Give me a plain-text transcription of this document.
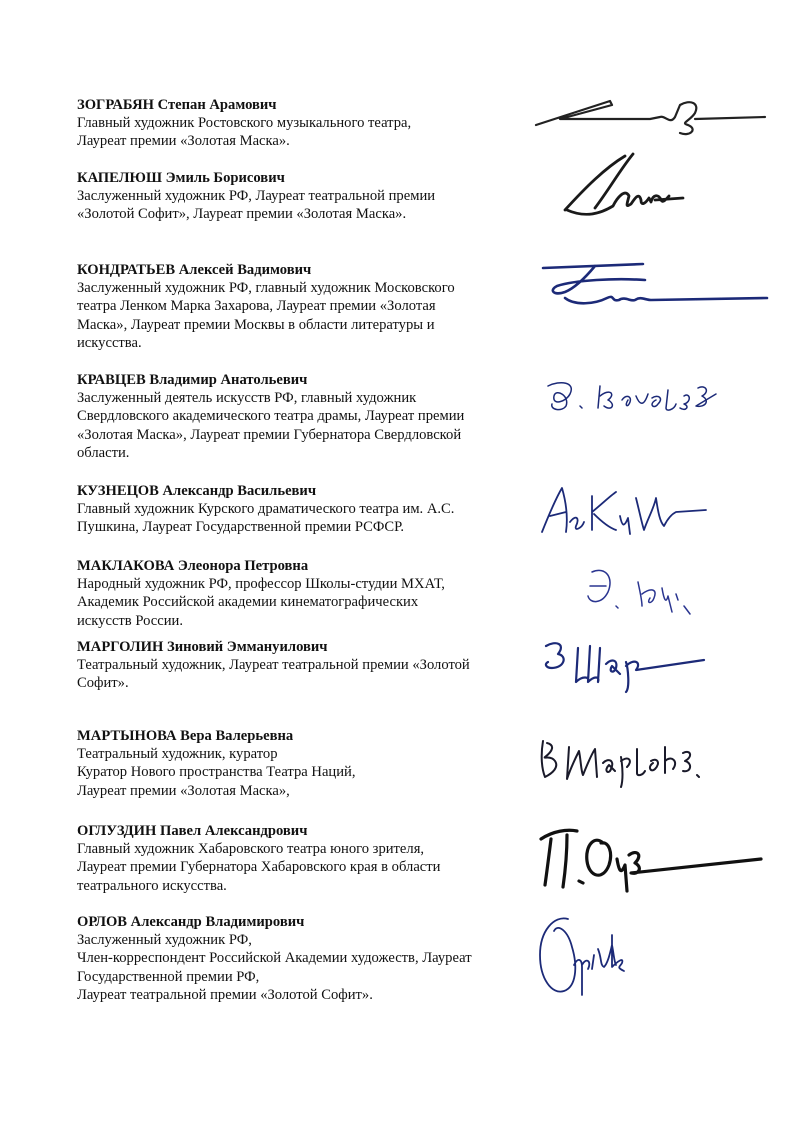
ЗОГРАБЯН Степан Арамович
Главный художник Ростовского музыкального театра,
Лауреат премии «Золотая Маска».
КАПЕЛЮШ Эмиль Борисович
Заслуженный художник РФ, Лауреат театральной премии
«Золотой Софит», Лауреат премии «Золотая Маска».
КОНДРАТЬЕВ Алексей Вадимович
Заслуженный художник РФ, главный художник Московского
театра Ленком Марка Захарова, Лауреат премии «Золотая
Маска», Лауреат премии Москвы в области литературы и
искусства.
КРАВЦЕВ Владимир Анатольевич
Заслуженный деятель искусств РФ, главный художник
Свердловского академического театра драмы, Лауреат премии
«Золотая Маска», Лауреат премии Губернатора Свердловской
области.
КУЗНЕЦОВ Александр Васильевич
Главный художник Курского драматического театра им. А.С.
Пушкина, Лауреат Государственной премии РСФСР.
МАКЛАКОВА Элеонора Петровна
Народный художник РФ, профессор Школы-студии МХАТ,
Академик Российской академии кинематографических
искусств России.
МАРГОЛИН Зиновий Эммануилович
Театральный художник, Лауреат театральной премии «Золотой
Софит».
МАРТЫНОВА Вера Валерьевна
Театральный художник, куратор
Куратор Нового пространства Театра Наций,
Лауреат премии «Золотая Маска»,
ОГЛУЗДИН Павел Александрович
Главный художник Хабаровского театра юного зрителя,
Лауреат премии Губернатора Хабаровского края в области
театрального искусства.
ОРЛОВ Александр Владимирович
Заслуженный художник РФ,
Член-корреспондент Российской Академии художеств, Лауреат
Государственной премии РФ,
Лауреат театральной премии «Золотой Софит».
